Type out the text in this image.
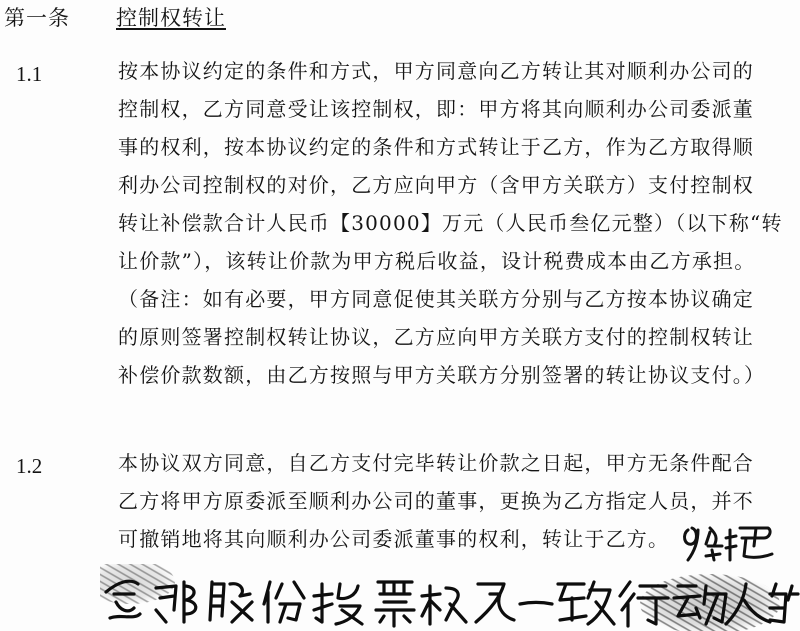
第一条 控制权转让
1.1	按本协议约定的条件和方式，甲方同意向乙方转让其对顺利办公司的
控制权，乙方同意受让该控制权，即：甲方将其向顺利办公司委派董
事的权利，按本协议约定的条件和方式转让于乙方，作为乙方取得顺
利办公司控制权的对价，乙方应向甲方（含甲方关联方）支付控制权
转让补偿款合计人民币【30000】万元（人民币叁亿元整）（以下称“转
让价款”），该转让价款为甲方税后收益，设计税费成本由乙方承担。
（备注：如有必要，甲方同意促使其关联方分别与乙方按本协议确定
的原则签署控制权转让协议，乙方应向甲方关联方支付的控制权转让
补偿价款数额，由乙方按照与甲方关联方分别签署的转让协议支付。）
1.2	本协议双方同意，自乙方支付完毕转让价款之日起，甲方无条件配合
乙方将甲方原委派至顺利办公司的董事，更换为乙方指定人员，并不
可撤销地将其向顺利办公司委派董事的权利，转让于乙方。
